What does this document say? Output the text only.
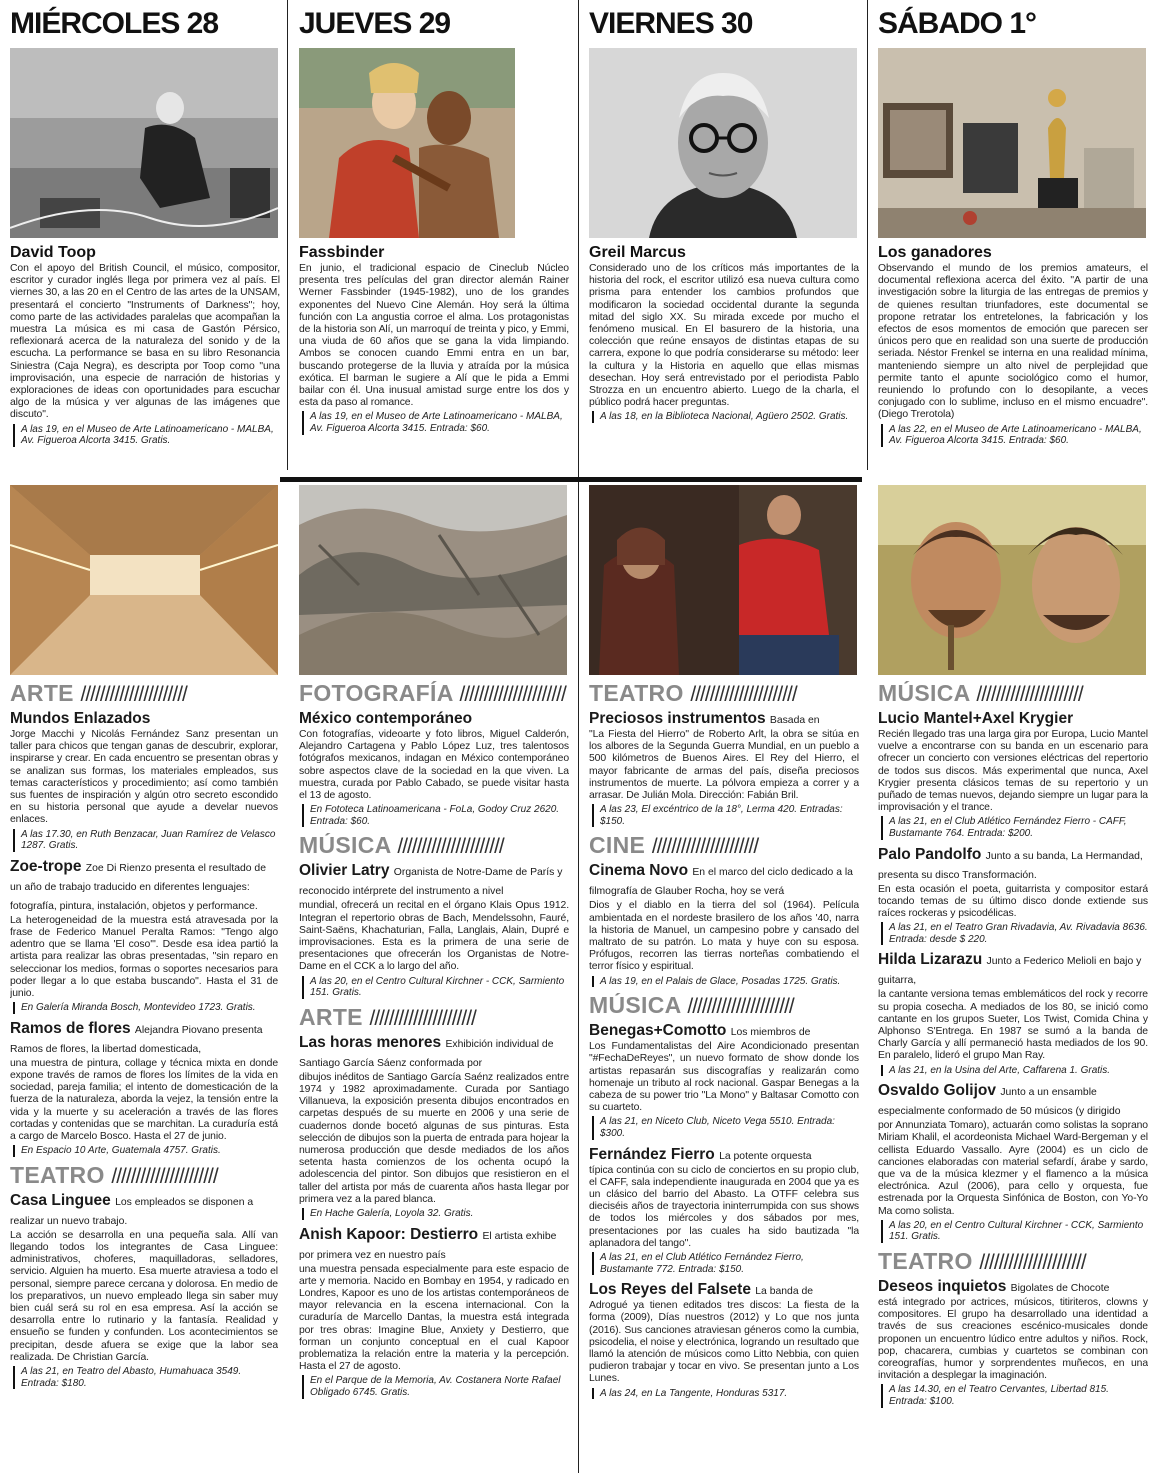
MIÉRCOLES 28
David Toop
Con el apoyo del British Council, el músico, compositor, escritor y curador inglés llega por primera vez al país. El viernes 30, a las 20 en el Centro de las artes de la UNSAM, presentará el concierto "Instruments of Darkness"; hoy, como parte de las actividades paralelas que acompañan la muestra La música es mi casa de Gastón Pérsico, reflexionará acerca de la naturaleza del sonido y de la escucha. La performance se basa en su libro Resonancia Siniestra (Caja Negra), es descripta por Toop como "una improvisación, una especie de narración de historias y exploraciones de ideas con oportunidades para escuchar algo de la música y ver algunas de las imágenes que discuto".
A las 19, en el Museo de Arte Latinoamericano - MALBA, Av. Figueroa Alcorta 3415. Gratis.
JUEVES 29
Fassbinder
En junio, el tradicional espacio de Cineclub Núcleo presenta tres películas del gran director alemán Rainer Werner Fassbinder (1945-1982), uno de los grandes exponentes del Nuevo Cine Alemán. Hoy será la última función con La angustia corroe el alma. Los protagonistas de la historia son Alí, un marroquí de treinta y pico, y Emmi, una viuda de 60 años que se gana la vida limpiando. Ambos se conocen cuando Emmi entra en un bar, buscando protegerse de la lluvia y atraída por la música exótica. El barman le sugiere a Alí que le pida a Emmi bailar con él. Una inusual amistad surge entre los dos y esta da paso al romance.
A las 19, en el Museo de Arte Latinoamericano - MALBA, Av. Figueroa Alcorta 3415. Entrada: $60.
VIERNES 30
Greil Marcus
Considerado uno de los críticos más importantes de la historia del rock, el escritor utilizó esa nueva cultura como prisma para entender los cambios profundos que modificaron la sociedad occidental durante la segunda mitad del siglo XX. Su mirada excede por mucho el fenómeno musical. En El basurero de la historia, una colección que reúne ensayos de distintas etapas de su carrera, expone lo que podría considerarse su método: leer la cultura y la Historia en aquello que ellas mismas desechan. Hoy será entrevistado por el periodista Pablo Strozza en un encuentro abierto. Luego de la charla, el público podrá hacer preguntas.
A las 18, en la Biblioteca Nacional, Agüero 2502. Gratis.
SÁBADO 1°
Los ganadores
Observando el mundo de los premios amateurs, el documental reflexiona acerca del éxito. "A partir de una investigación sobre la liturgia de las entregas de premios y de quienes resultan triunfadores, este documental se propone retratar los entretelones, la fabricación y los efectos de esos momentos de emoción que parecen ser únicos pero que en realidad son una suerte de producción seriada. Néstor Frenkel se interna en una realidad mínima, manteniendo siempre un alto nivel de perplejidad que permite tanto el apunte sociológico como el humor, reuniendo lo profundo con lo desopilante, a veces conjugado con lo sublime, incluso en el mismo encuadre". (Diego Trerotola)
A las 22, en el Museo de Arte Latinoamericano - MALBA, Av. Figueroa Alcorta 3415. Entrada: $60.
ARTE //////////////////////
Mundos Enlazados
Jorge Macchi y Nicolás Fernández Sanz presentan un taller para chicos que tengan ganas de descubrir, explorar, inspirarse y crear. En cada encuentro se presentan obras y se analizan sus formas, los materiales empleados, sus temas característicos y procedimiento; así como también sus fuentes de inspiración y algún otro secreto escondido en su historia personal que ayude a develar nuevos enlaces.
A las 17.30, en Ruth Benzacar, Juan Ramírez de Velasco 1287. Gratis.
Zoe-trope Zoe Di Rienzo presenta el resultado de un año de trabajo traducido en diferentes lenguajes: fotografía, pintura, instalación, objetos y performance.
La heterogeneidad de la muestra está atravesada por la frase de Federico Manuel Peralta Ramos: "Tengo algo adentro que se llama 'El coso'". Desde esa idea partió la artista para realizar las obras presentadas, "sin reparo en seleccionar los medios, formas o soportes necesarios para poder llegar a lo que estaba buscando". Hasta el 31 de junio.
En Galería Miranda Bosch, Montevideo 1723. Gratis.
Ramos de flores Alejandra Piovano presenta Ramos de flores, la libertad domesticada,
una muestra de pintura, collage y técnica mixta en donde expone través de ramos de flores los límites de la vida en sociedad, pareja familia; el intento de domesticación de la fuerza de la naturaleza, aborda la vejez, la tensión entre la vida y la muerte y su aceleración a través de las flores cortadas y contenidas que se marchitan. La curaduría está a cargo de Marcelo Bosco. Hasta el 27 de junio.
En Espacio 10 Arte, Guatemala 4757. Gratis.
TEATRO //////////////////////
Casa Linguee Los empleados se disponen a realizar un nuevo trabajo.
La acción se desarrolla en una pequeña sala. Allí van llegando todos los integrantes de Casa Linguee: administrativos, choferes, maquilladoras, selladores, servicio. Alguien ha muerto. Esa muerte atraviesa a todo el personal, siempre parece cercana y dolorosa. En medio de los preparativos, un nuevo empleado llega sin saber muy bien cuál será su rol en esa empresa. Así la acción se desarrolla entre lo rutinario y la fantasía. Realidad y ensueño se funden y confunden. Los acontecimientos se precipitan, desde afuera se exige que la labor sea realizada. De Christian García.
A las 21, en Teatro del Abasto, Humahuaca 3549. Entrada: $180.
FOTOGRAFÍA //////////////////////
México contemporáneo
Con fotografías, videoarte y foto libros, Miguel Calderón, Alejandro Cartagena y Pablo López Luz, tres talentosos fotógrafos mexicanos, indagan en México contemporáneo sobre aspectos clave de la sociedad en la que viven. La muestra, curada por Pablo Cabado, se puede visitar hasta el 13 de agosto.
En Fototeca Latinoamericana - FoLa, Godoy Cruz 2620. Entrada: $60.
MÚSICA //////////////////////
Olivier Latry Organista de Notre-Dame de París y reconocido intérprete del instrumento a nivel
mundial, ofrecerá un recital en el órgano Klais Opus 1912. Integran el repertorio obras de Bach, Mendelssohn, Fauré, Saint-Saëns, Khachaturian, Falla, Langlais, Alain, Dupré e improvisaciones. Esta es la primera de una serie de presentaciones que ofrecerán los Organistas de Notre-Dame en el CCK a lo largo del año.
A las 20, en el Centro Cultural Kirchner - CCK, Sarmiento 151. Gratis.
ARTE //////////////////////
Las horas menores Exhibición individual de Santiago García Sáenz conformada por
dibujos inéditos de Santiago García Saénz realizados entre 1974 y 1982 aproximadamente. Curada por Santiago Villanueva, la exposición presenta dibujos encontrados en carpetas después de su muerte en 2006 y una serie de cuadernos donde bocetó algunas de sus pinturas. Esta selección de dibujos son la puerta de entrada para hojear la numerosa producción que desde mediados de los años setenta hasta comienzos de los ochenta ocupó la adolescencia del pintor. Son dibujos que resistieron en el taller del artista por más de cuarenta años hasta llegar por primera vez a la pared blanca.
En Hache Galería, Loyola 32. Gratis.
Anish Kapoor: Destierro El artista exhibe por primera vez en nuestro país
una muestra pensada especialmente para este espacio de arte y memoria. Nacido en Bombay en 1954, y radicado en Londres, Kapoor es uno de los artistas contemporáneos de mayor relevancia en la escena internacional. Con la curaduría de Marcello Dantas, la muestra está integrada por tres obras: Imagine Blue, Anxiety y Destierro, que forman un conjunto conceptual en el cual Kapoor problematiza la relación entre la materia y la percepción. Hasta el 27 de agosto.
En el Parque de la Memoria, Av. Costanera Norte Rafael Obligado 6745. Gratis.
TEATRO //////////////////////
Preciosos instrumentos Basada en
"La Fiesta del Hierro" de Roberto Arlt, la obra se sitúa en los albores de la Segunda Guerra Mundial, en un pueblo a 500 kilómetros de Buenos Aires. El Rey del Hierro, el mayor fabricante de armas del país, diseña preciosos instrumentos de muerte. La pólvora empieza a correr y a arrasar. De Julián Mola. Dirección: Fabián Bril.
A las 23, El excéntrico de la 18°, Lerma 420. Entradas: $150.
CINE //////////////////////
Cinema Novo En el marco del ciclo dedicado a la filmografía de Glauber Rocha, hoy se verá
Dios y el diablo en la tierra del sol (1964). Película ambientada en el nordeste brasilero de los años '40, narra la historia de Manuel, un campesino pobre y cansado del maltrato de su patrón. Lo mata y huye con su esposa. Prófugos, recorren las tierras norteñas combatiendo el terror físico y espiritual.
A las 19, en el Palais de Glace, Posadas 1725. Gratis.
MÚSICA //////////////////////
Benegas+Comotto Los miembros de
Los Fundamentalistas del Aire Acondicionado presentan "#FechaDeReyes", un nuevo formato de show donde los artistas repasarán sus discografías y realizarán como homenaje un tributo al rock nacional. Gaspar Benegas a la cabeza de su power trio "La Mono" y Baltasar Comotto con su cuarteto.
A las 21, en Niceto Club, Niceto Vega 5510. Entrada: $300.
Fernández Fierro La potente orquesta
típica continúa con su ciclo de conciertos en su propio club, el CAFF, sala independiente inaugurada en 2004 que ya es un clásico del barrio del Abasto. La OTFF celebra sus dieciséis años de trayectoria ininterrumpida con sus shows de todos los miércoles y dos sábados por mes, presentaciones por las cuales ha sido bautizada "la aplanadora del tango".
A las 21, en el Club Atlético Fernández Fierro, Bustamante 772. Entrada: $150.
Los Reyes del Falsete La banda de
Adrogué ya tienen editados tres discos: La fiesta de la forma (2009), Días nuestros (2012) y Lo que nos junta (2016). Sus canciones atraviesan géneros como la cumbia, psicodelia, el noise y electrónica, logrando un resultado que llamó la atención de músicos como Litto Nebbia, con quien pudieron trabajar y tocar en vivo. Se presentan junto a Los Lunes.
A las 24, en La Tangente, Honduras 5317.
MÚSICA //////////////////////
Lucio Mantel+Axel Krygier
Recién llegado tras una larga gira por Europa, Lucio Mantel vuelve a encontrarse con su banda en un escenario para ofrecer un concierto con versiones eléctricas del repertorio de todos sus discos. Más experimental que nunca, Axel Krygier presenta clásicos temas de su repertorio y un puñado de temas nuevos, dejando siempre un lugar para la improvisación y el trance.
A las 21, en el Club Atlético Fernández Fierro - CAFF, Bustamante 764. Entrada: $200.
Palo Pandolfo Junto a su banda, La Hermandad, presenta su disco Transformación.
En esta ocasión el poeta, guitarrista y compositor estará tocando temas de su último disco donde extiende sus raíces rockeras y psicodélicas.
A las 21, en el Teatro Gran Rivadavia, Av. Rivadavia 8636. Entrada: desde $ 220.
Hilda Lizarazu Junto a Federico Melioli en bajo y guitarra,
la cantante versiona temas emblemáticos del rock y recorre su propia cosecha. A mediados de los 80, se inició como cantante en los grupos Sueter, Los Twist, Comida China y Alphonso S'Entrega. En 1987 se sumó a la banda de Charly García y allí permaneció hasta mediados de los 90. En paralelo, lideró el grupo Man Ray.
A las 21, en la Usina del Arte, Caffarena 1. Gratis.
Osvaldo Golijov Junto a un ensamble especialmente conformado de 50 músicos (y dirigido
por Annunziata Tomaro), actuarán como solistas la soprano Miriam Khalil, el acordeonista Michael Ward-Bergeman y el cellista Eduardo Vassallo. Ayre (2004) es un ciclo de canciones elaboradas con material sefardí, árabe y sardo, que va de la música klezmer y el flamenco a la música electrónica. Azul (2006), para cello y orquesta, fue estrenada por la Orquesta Sinfónica de Boston, con Yo-Yo Ma como solista.
A las 20, en el Centro Cultural Kirchner - CCK, Sarmiento 151. Gratis.
TEATRO //////////////////////
Deseos inquietos Bigolates de Chocote
está integrado por actrices, músicos, titiriteros, clowns y compositores. El grupo ha desarrollado una identidad a través de sus creaciones escénico-musicales donde proponen un encuentro lúdico entre adultos y niños. Rock, pop, chacarera, cumbias y cuartetos se combinan con coreografías, humor y sorprendentes muñecos, en una invitación a desplegar la imaginación.
A las 14.30, en el Teatro Cervantes, Libertad 815. Entrada: $100.
